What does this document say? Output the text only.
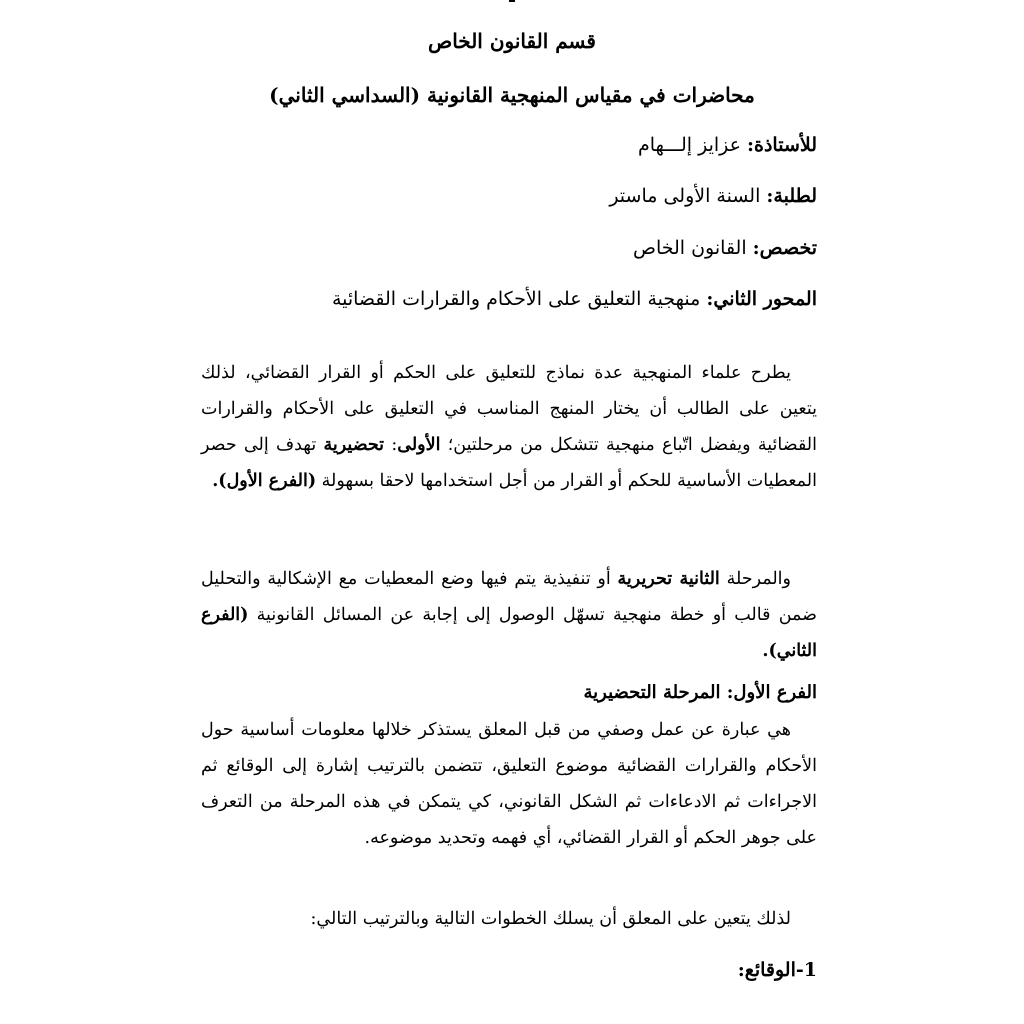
قسم القانون الخاص
محاضرات في مقياس المنهجية القانونية (السداسي الثاني)
للأستاذة: عزايز إلـــهام
لطلبة: السنة الأولى ماستر
تخصص: القانون الخاص
المحور الثاني: منهجية التعليق على الأحكام والقرارات القضائية
يطرح علماء المنهجية عدة نماذج للتعليق على الحكم أو القرار القضائي، لذلك يتعين على الطالب أن يختار المنهج المناسب في التعليق على الأحكام والقرارات القضائية ويفضل اتّباع منهجية تتشكل من مرحلتين؛ الأولى: تحضيرية تهدف إلى حصر المعطيات الأساسية للحكم أو القرار من أجل استخدامها لاحقا بسهولة (الفرع الأول).
والمرحلة الثانية تحريرية أو تنفيذية يتم فيها وضع المعطيات مع الإشكالية والتحليل ضمن قالب أو خطة منهجية تسهّل الوصول إلى إجابة عن المسائل القانونية (الفرع الثاني).
الفرع الأول: المرحلة التحضيرية
هي عبارة عن عمل وصفي من قبل المعلق يستذكر خلالها معلومات أساسية حول الأحكام والقرارات القضائية موضوع التعليق، تتضمن بالترتيب إشارة إلى الوقائع ثم الاجراءات ثم الادعاءات ثم الشكل القانوني، كي يتمكن في هذه المرحلة من التعرف على جوهر الحكم أو القرار القضائي، أي فهمه وتحديد موضوعه.
لذلك يتعين على المعلق أن يسلك الخطوات التالية وبالترتيب التالي:
1-الوقائع:
